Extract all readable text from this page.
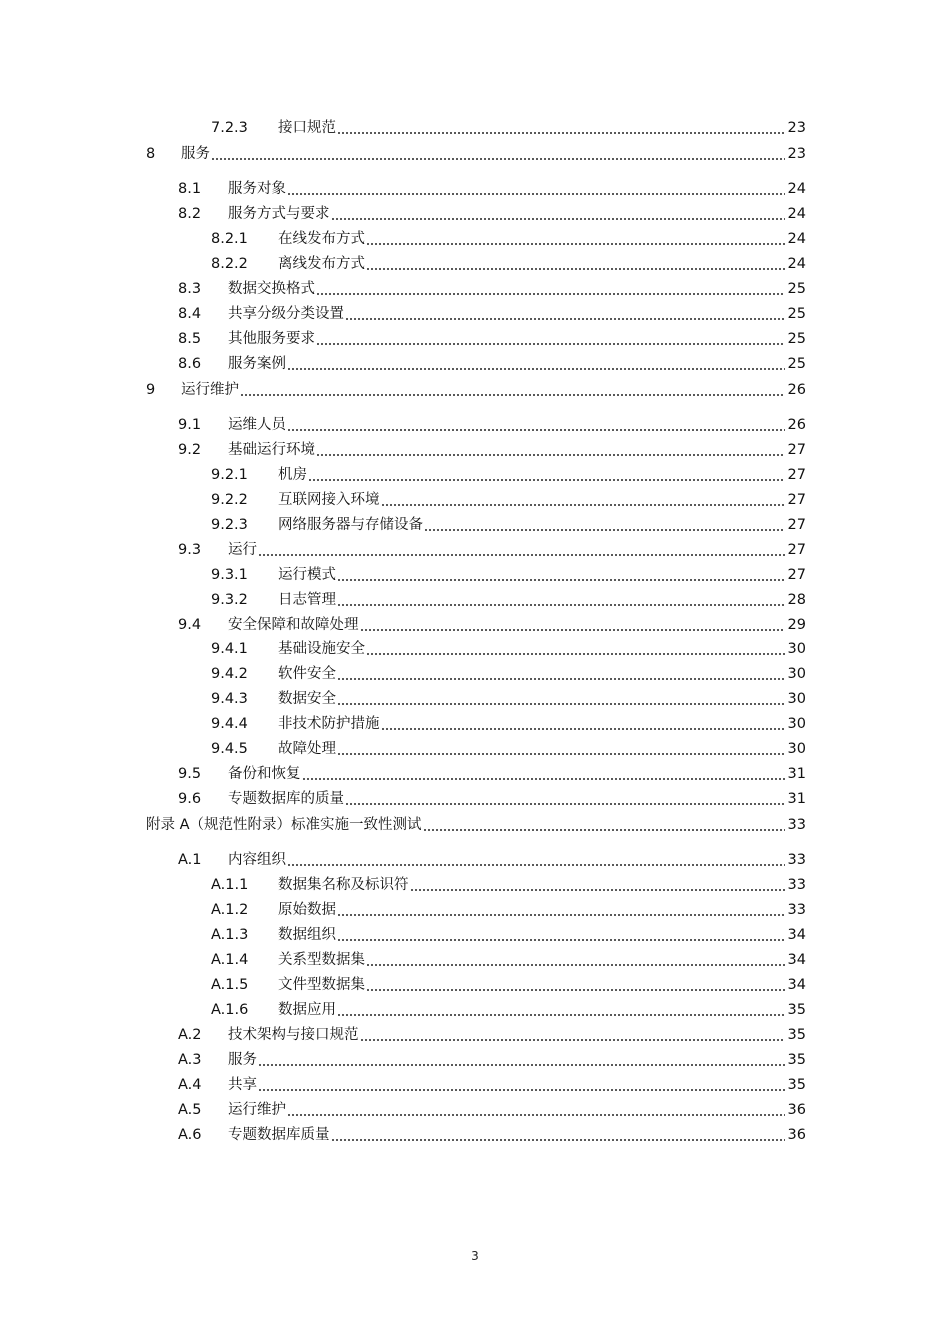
7.2.3	接口规范	23
8	服务	23
8.1	服务对象	24
8.2	服务方式与要求	24
8.2.1	在线发布方式	24
8.2.2	离线发布方式	24
8.3	数据交换格式	25
8.4	共享分级分类设置	25
8.5	其他服务要求	25
8.6	服务案例	25
9	运行维护	26
9.1	运维人员	26
9.2	基础运行环境	27
9.2.1	机房	27
9.2.2	互联网接入环境	27
9.2.3	网络服务器与存储设备	27
9.3	运行	27
9.3.1	运行模式	27
9.3.2	日志管理	28
9.4	安全保障和故障处理	29
9.4.1	基础设施安全	30
9.4.2	软件安全	30
9.4.3	数据安全	30
9.4.4	非技术防护措施	30
9.4.5	故障处理	30
9.5	备份和恢复	31
9.6	专题数据库的质量	31
附录 A（规范性附录）标准实施一致性测试	33
A.1	内容组织	33
A.1.1	数据集名称及标识符	33
A.1.2	原始数据	33
A.1.3	数据组织	34
A.1.4	关系型数据集	34
A.1.5	文件型数据集	34
A.1.6	数据应用	35
A.2	技术架构与接口规范	35
A.3	服务	35
A.4	共享	35
A.5	运行维护	36
A.6	专题数据库质量	36
3
